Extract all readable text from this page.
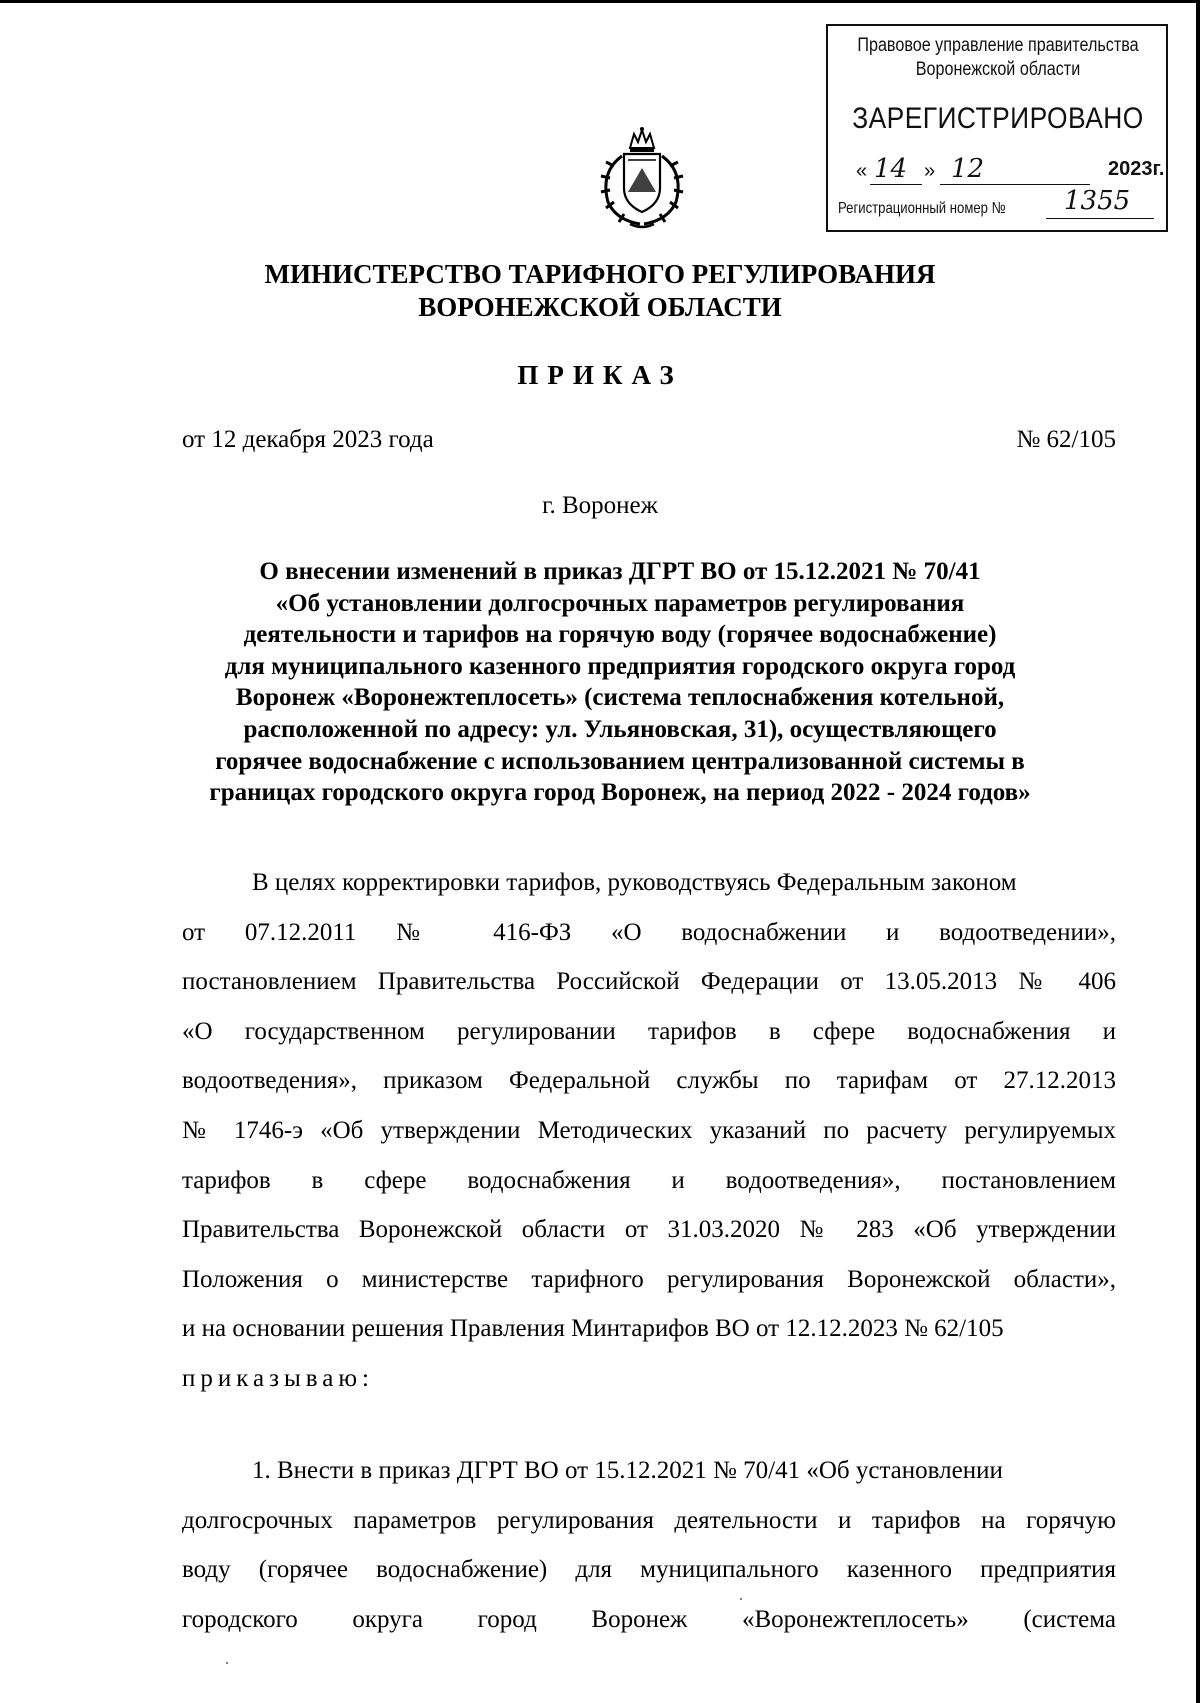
Правовое управление правительства Воронежской области
ЗАРЕГИСТРИРОВАНО
« 14 » 12	2023г.
Регистрационный номер № 1355
МИНИСТЕРСТВО ТАРИФНОГО РЕГУЛИРОВАНИЯ
ВОРОНЕЖСКОЙ ОБЛАСТИ
ПРИКАЗ
от 12 декабря 2023 года	№ 62/105
г. Воронеж
О внесении изменений в приказ ДГРТ ВО от 15.12.2021 № 70/41
«Об установлении долгосрочных параметров регулирования
деятельности и тарифов на горячую воду (горячее водоснабжение)
для муниципального казенного предприятия городского округа город
Воронеж «Воронежтеплосеть» (система теплоснабжения котельной,
расположенной по адресу: ул. Ульяновская, 31), осуществляющего
горячее водоснабжение с использованием централизованной системы в
границах городского округа город Воронеж, на период 2022 - 2024 годов»
В целях корректировки тарифов, руководствуясь Федеральным законом
от 07.12.2011 № 416-ФЗ «О водоснабжении и водоотведении»,
постановлением Правительства Российской Федерации от 13.05.2013 № 406
«О государственном регулировании тарифов в сфере водоснабжения и
водоотведения», приказом Федеральной службы по тарифам от 27.12.2013
№ 1746-э «Об утверждении Методических указаний по расчету регулируемых
тарифов в сфере водоснабжения и водоотведения», постановлением
Правительства Воронежской области от 31.03.2020 № 283 «Об утверждении
Положения о министерстве тарифного регулирования Воронежской области»,
и на основании решения Правления Минтарифов ВО от 12.12.2023 № 62/105
приказываю:
1. Внести в приказ ДГРТ ВО от 15.12.2021 № 70/41 «Об установлении
долгосрочных параметров регулирования деятельности и тарифов на горячую
воду (горячее водоснабжение) для муниципального казенного предприятия
городского округа город Воронеж «Воронежтеплосеть» (система
